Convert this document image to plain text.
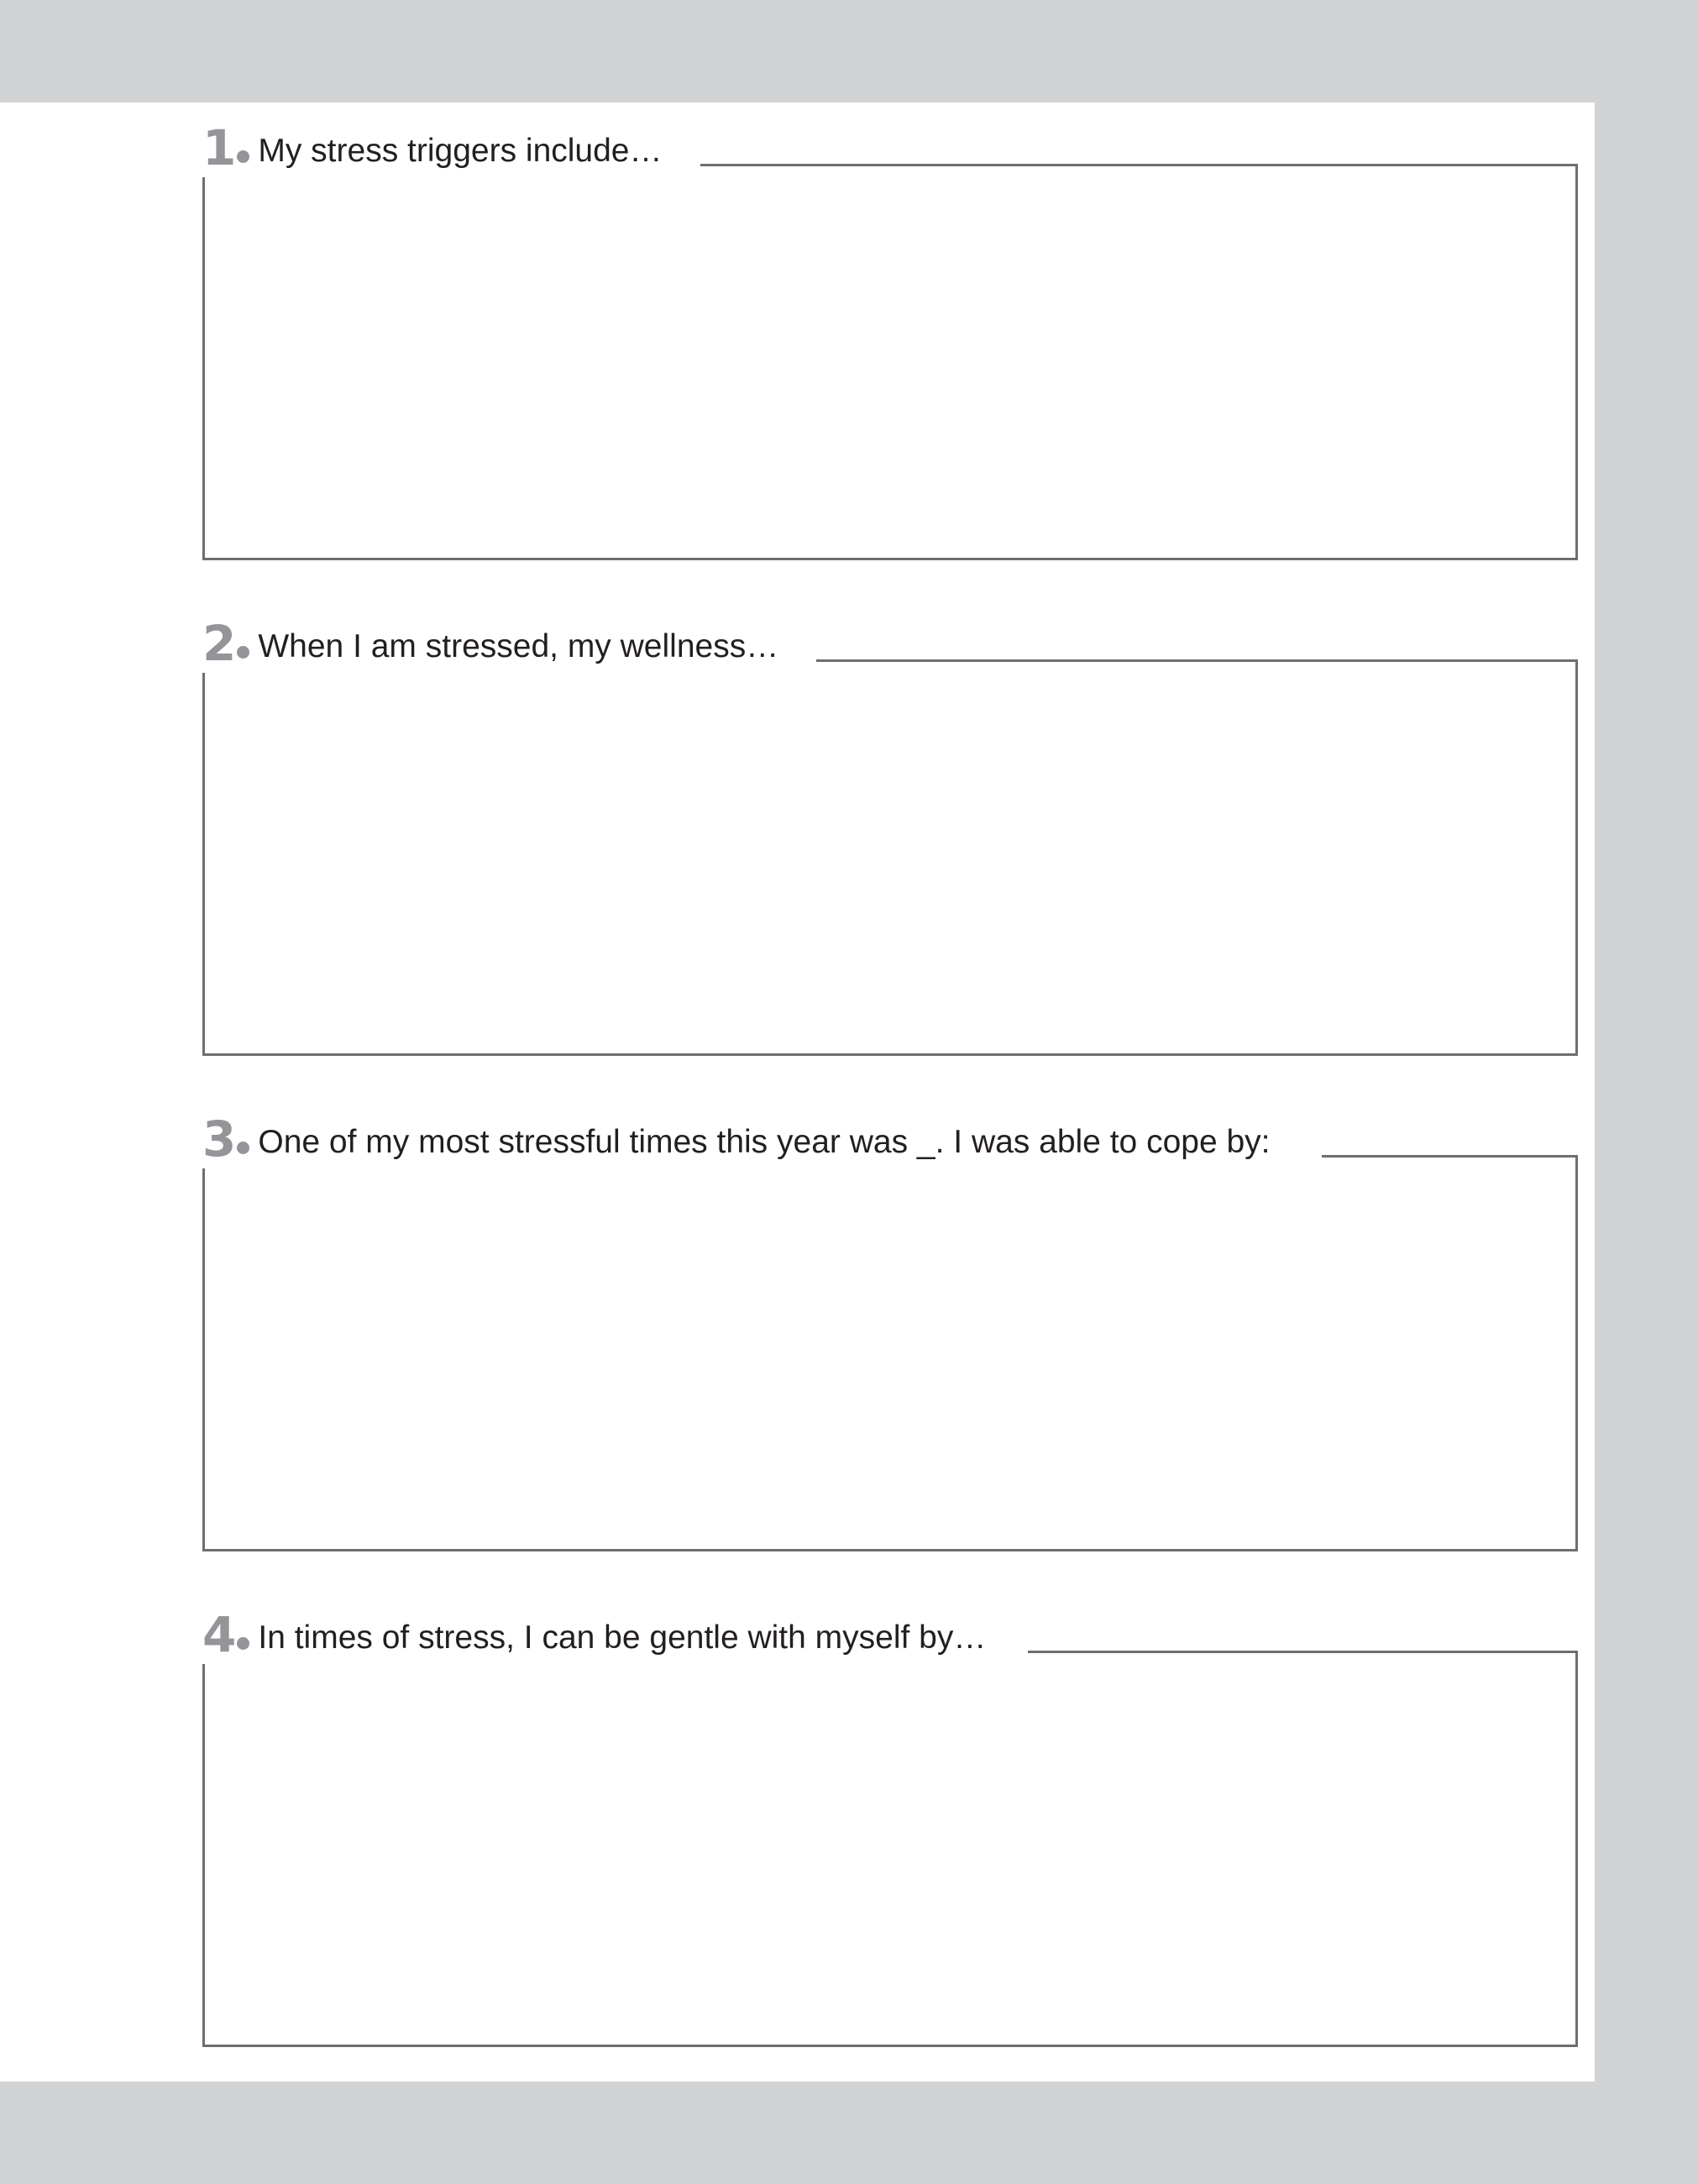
1 My stress triggers include…
2 When I am stressed, my wellness…
3 One of my most stressful times this year was _. I was able to cope by:
4 In times of stress, I can be gentle with myself by…
